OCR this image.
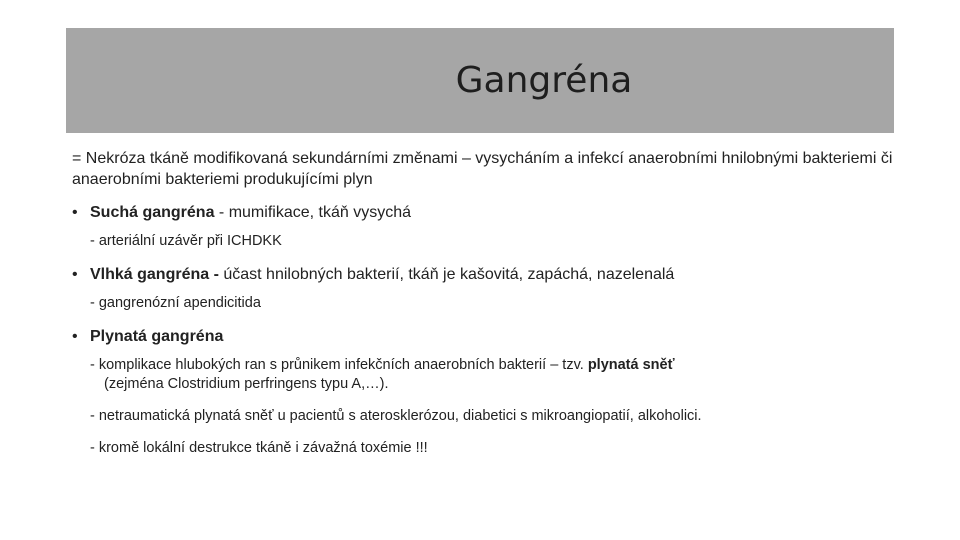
Gangréna

= Nekróza tkáně modifikovaná sekundárními změnami – vysycháním a infekcí anaerobními hnilobnými bakteriemi či anaerobními bakteriemi produkujícími plyn

• Suchá gangréna - mumifikace, tkáň vysychá
- arteriální uzávěr při ICHDKK
• Vlhká gangréna - účast hnilobných bakterií, tkáň je kašovitá, zapáchá, nazelenalá
- gangrenózní apendicitida
• Plynatá gangréna
- komplikace hlubokých ran s průnikem infekčních anaerobních bakterií – tzv. plynatá sněť
(zejména Clostridium perfringens typu A,…).
- netraumatická plynatá sněť u pacientů s aterosklerózou, diabetici s mikroangiopatií, alkoholici.
- kromě lokální destrukce tkáně i závažná toxémie !!!
